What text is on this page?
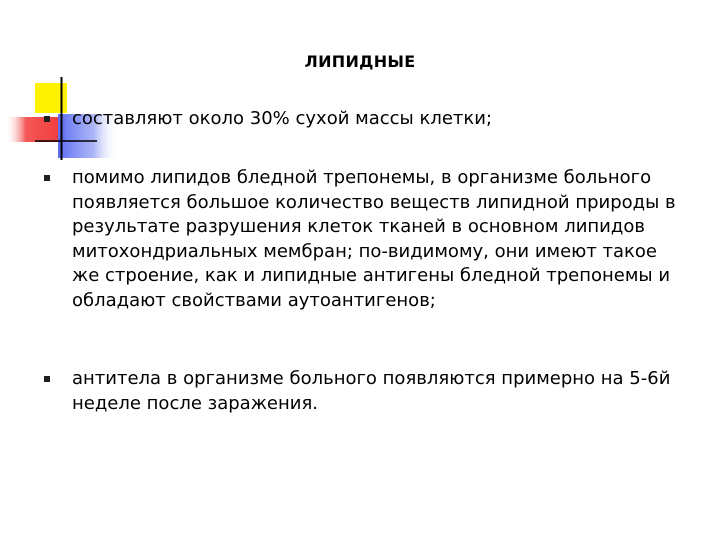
ЛИПИДНЫЕ
составляют около 30% сухой массы клетки;
помимо липидов бледной трепонемы, в организме больного появляется большое количество веществ липидной природы в результате разрушения клеток тканей в основном липидов митохондриальных мембран; по-видимому, они имеют такое же строение, как и липидные антигены бледной трепонемы и обладают свойствами аутоантигенов;
антитела в организме больного появляются примерно на 5-6й неделе после заражения.
